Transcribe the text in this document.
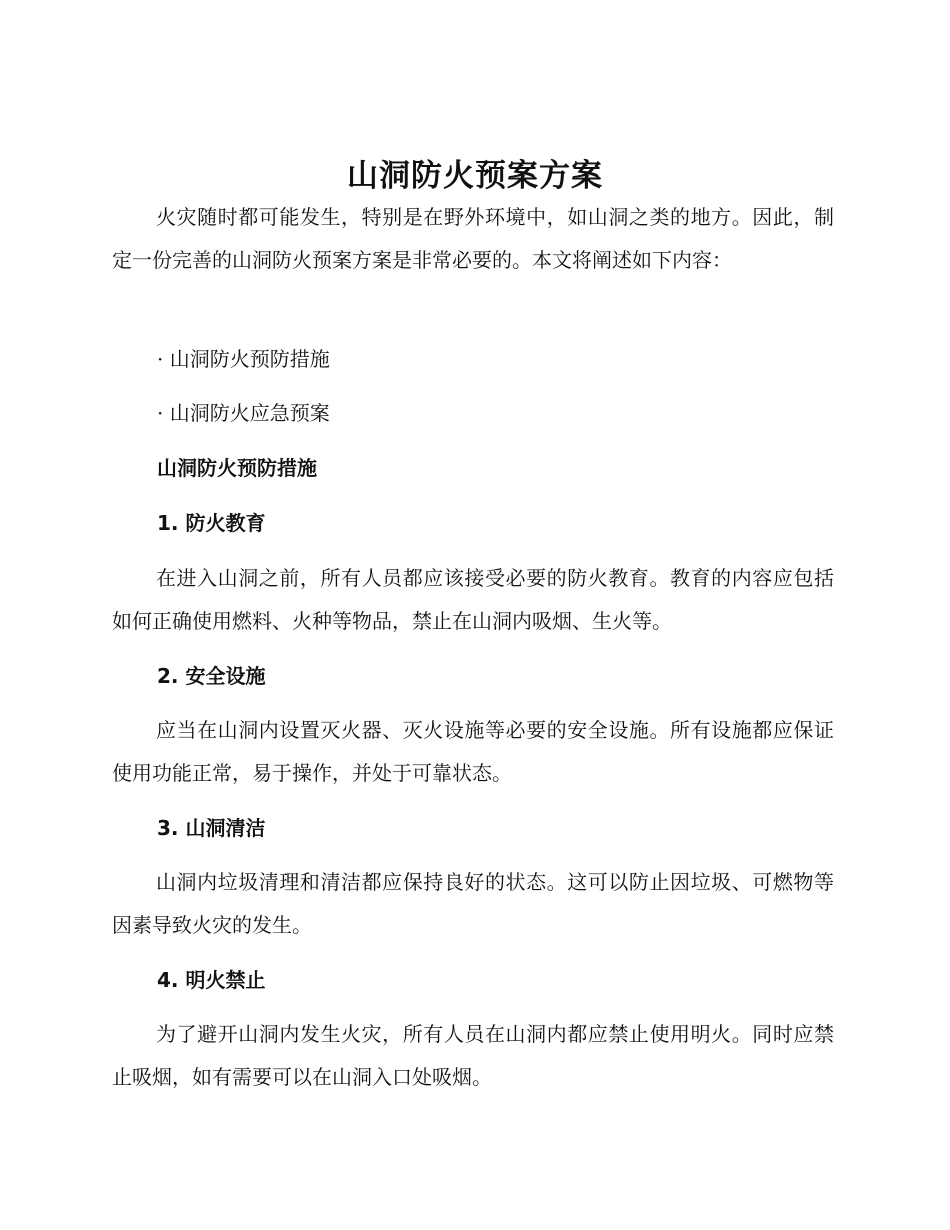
山洞防火预案方案
火灾随时都可能发生，特别是在野外环境中，如山洞之类的地方。因此，制定一份完善的山洞防火预案方案是非常必要的。本文将阐述如下内容：
· 山洞防火预防措施
· 山洞防火应急预案
山洞防火预防措施
1. 防火教育
在进入山洞之前，所有人员都应该接受必要的防火教育。教育的内容应包括如何正确使用燃料、火种等物品，禁止在山洞内吸烟、生火等。
2. 安全设施
应当在山洞内设置灭火器、灭火设施等必要的安全设施。所有设施都应保证使用功能正常，易于操作，并处于可靠状态。
3. 山洞清洁
山洞内垃圾清理和清洁都应保持良好的状态。这可以防止因垃圾、可燃物等因素导致火灾的发生。
4. 明火禁止
为了避开山洞内发生火灾，所有人员在山洞内都应禁止使用明火。同时应禁止吸烟，如有需要可以在山洞入口处吸烟。
